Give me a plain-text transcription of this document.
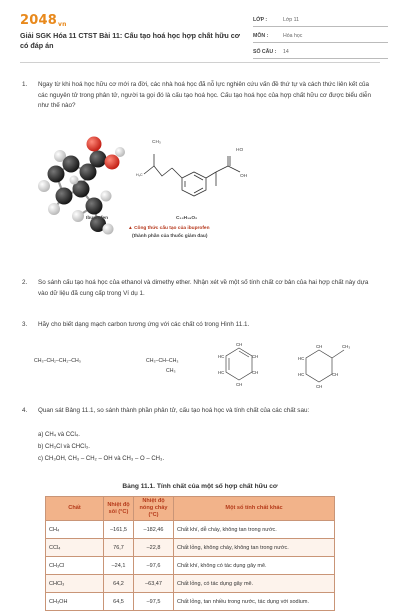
2048vn
Giải SGK Hóa 11 CTST Bài 11: Cấu tạo hoá học hợp chất hữu cơ có đáp án
LỚP :	Lớp 11
MÔN :	Hóa học
SỐ CÂU : 14
1. Ngay từ khi hoá học hữu cơ mới ra đời, các nhà hoá học đã nỗ lực nghiên cứu vấn đề thứ tự và cách thức liên kết của các nguyên tử trong phân tử, người ta gọi đó là cấu tạo hoá học. Cấu tạo hoá học của hợp chất hữu cơ được biểu diễn như thế nào?
H₃C
CH₃
HO
OH
Ibuprofen	C₁₃H₁₈O₂
▲ Công thức cấu tạo của ibuprofen
(thành phần của thuốc giảm đau)
2. So sánh cấu tạo hoá học của ethanol và dimethy ether. Nhận xét về một số tính chất cơ bản của hai hợp chất này dựa vào dữ liệu đã cung cấp trong Ví dụ 1.
3. Hãy cho biết dạng mạch carbon tương ứng với các chất có trong Hình 11.1.
CH₃–CH₂–CH₂–CH₃	CH₃–CH–CH₃
CH₃
CH
HC	CH
HC	CH
CH
CH
HC
CH₃
HC	CH
CH
4. Quan sát Bảng 11.1, so sánh thành phần phân tử, cấu tạo hoá học và tính chất của các chất sau:
a) CH₄ và CCl₄.
b) CH₃Cl và CHCl₃.
c) CH₃OH, CH₃ – CH₂ – OH và CH₃ – O – CH₃.
Bảng 11.1. Tính chất của một số hợp chất hữu cơ
Chất	Nhiệt độ sôi (°C)	Nhiệt độ nóng chảy (°C)	Một số tính chất khác
CH₄	–161,5	–182,46	Chất khí, dễ cháy, không tan trong nước.
CCl₄	76,7	–22,8	Chất lỏng, không cháy, không tan trong nước.
CH₃Cl	–24,1	–97,6	Chất khí, không có tác dụng gây mê.
CHCl₃	64,2	–63,47	Chất lỏng, có tác dụng gây mê.
CH₃OH	64,5	–97,5	Chất lỏng, tan nhiều trong nước, tác dụng với sodium.
